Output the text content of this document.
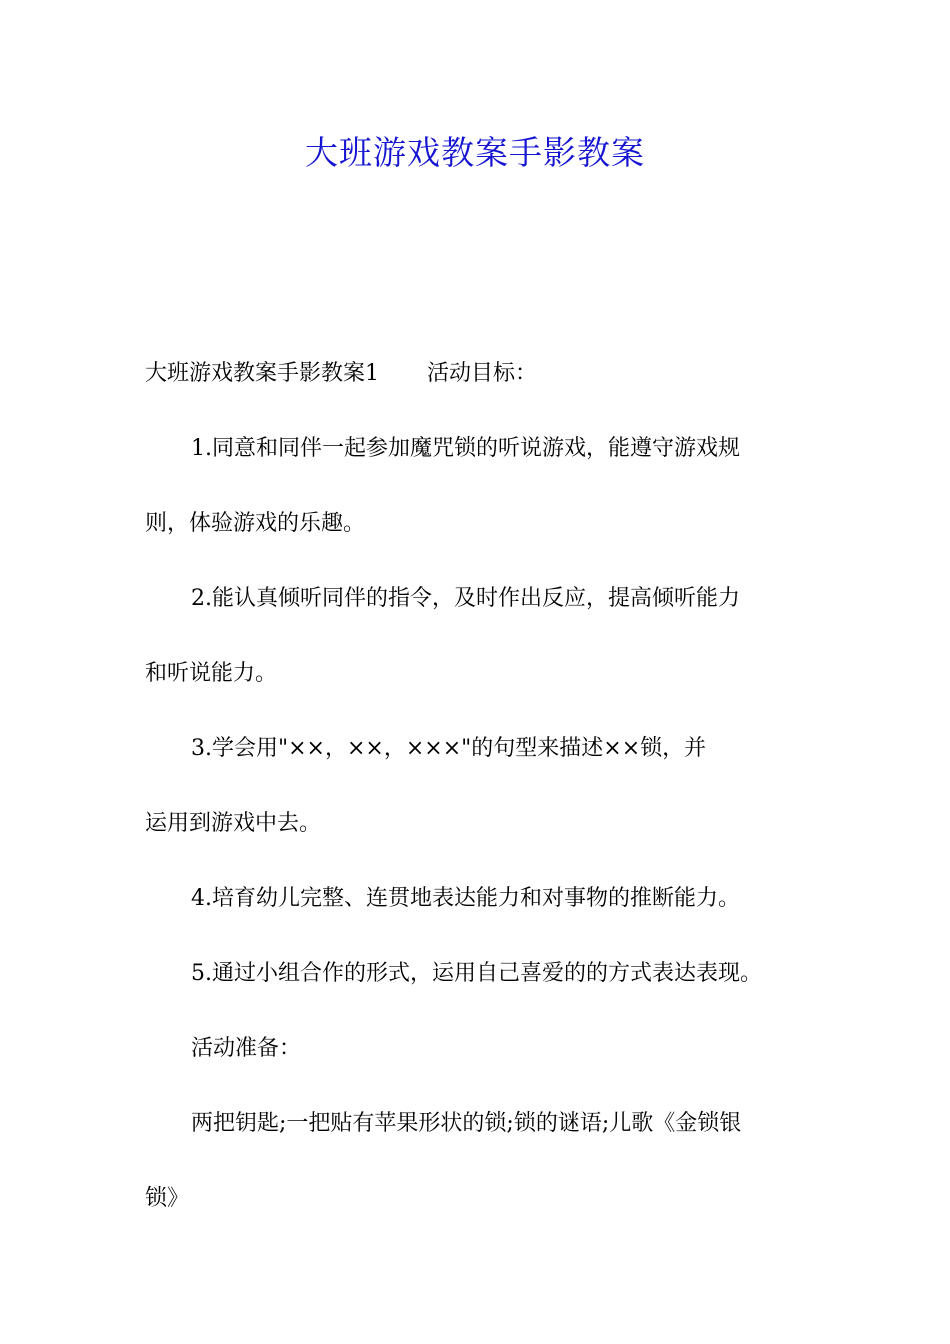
大班游戏教案手影教案
大班游戏教案手影教案1 活动目标：
1.同意和同伴一起参加魔咒锁的听说游戏，能遵守游戏规
则，体验游戏的乐趣。
2.能认真倾听同伴的指令，及时作出反应，提高倾听能力
和听说能力。
3.学会用"××，××，×××"的句型来描述××锁，并
运用到游戏中去。
4.培育幼儿完整、连贯地表达能力和对事物的推断能力。
5.通过小组合作的形式，运用自己喜爱的的方式表达表现。
活动准备：
两把钥匙;一把贴有苹果形状的锁;锁的谜语;儿歌《金锁银
锁》
